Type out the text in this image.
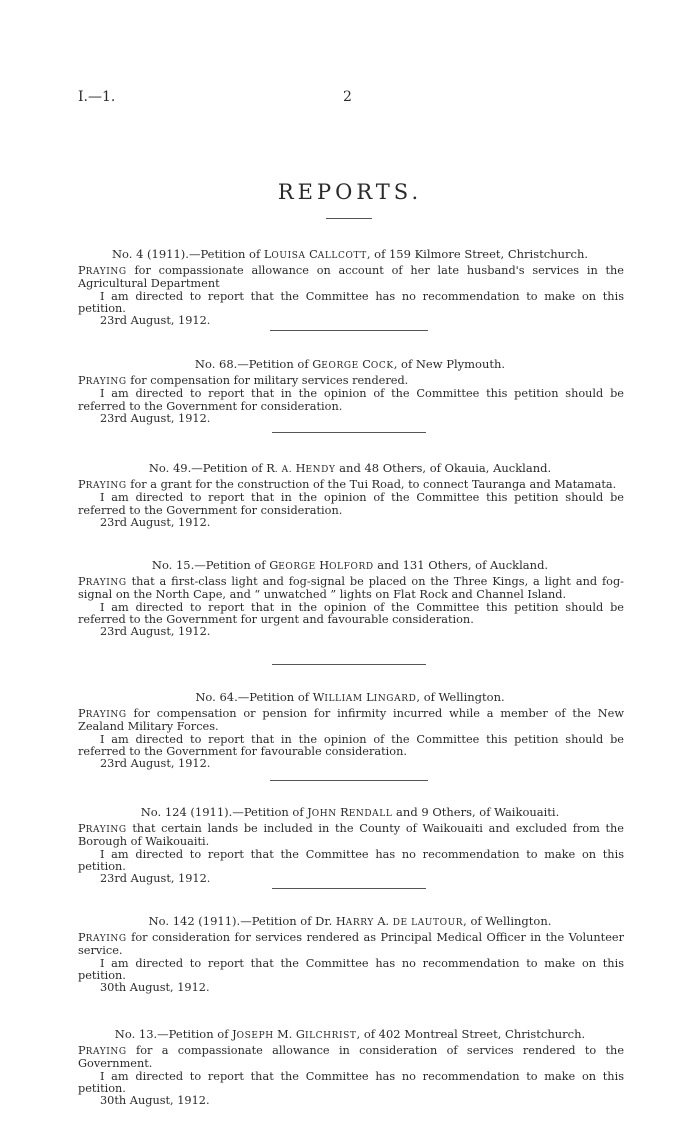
I.—1.	2
REPORTS.
No. 4 (1911).—Petition of LOUISA CALLCOTT, of 159 Kilmore Street, Christchurch.

PRAYING for compassionate allowance on account of her late husband's services in the Agricultural Department

I am directed to report that the Committee has no recommendation to make on this petition.

23rd August, 1912.

No. 68.—Petition of GEORGE COCK, of New Plymouth.

PRAYING for compensation for military services rendered.

I am directed to report that in the opinion of the Committee this petition should be referred to the Government for consideration.

23rd August, 1912.

No. 49.—Petition of R. A. HENDY and 48 Others, of Okauia, Auckland.

PRAYING for a grant for the construction of the Tui Road, to connect Tauranga and Matamata.

I am directed to report that in the opinion of the Committee this petition should be referred to the Government for consideration.

23rd August, 1912.

No. 15.—Petition of GEORGE HOLFORD and 131 Others, of Auckland.

PRAYING that a first-class light and fog-signal be placed on the Three Kings, a light and fog-signal on the North Cape, and “ unwatched ” lights on Flat Rock and Channel Island.

I am directed to report that in the opinion of the Committee this petition should be referred to the Government for urgent and favourable consideration.

23rd August, 1912.

No. 64.—Petition of WILLIAM LINGARD, of Wellington.

PRAYING for compensation or pension for infirmity incurred while a member of the New Zealand Military Forces.

I am directed to report that in the opinion of the Committee this petition should be referred to the Government for favourable consideration.

23rd August, 1912.

No. 124 (1911).—Petition of JOHN RENDALL and 9 Others, of Waikouaiti.

PRAYING that certain lands be included in the County of Waikouaiti and excluded from the Borough of Waikouaiti.

I am directed to report that the Committee has no recommendation to make on this petition.

23rd August, 1912.

No. 142 (1911).—Petition of Dr. HARRY A. DE LAUTOUR, of Wellington.

PRAYING for consideration for services rendered as Principal Medical Officer in the Volunteer service.

I am directed to report that the Committee has no recommendation to make on this petition.

30th August, 1912.

No. 13.—Petition of JOSEPH M. GILCHRIST, of 402 Montreal Street, Christchurch.

PRAYING for a compassionate allowance in consideration of services rendered to the Government.

I am directed to report that the Committee has no recommendation to make on this petition.

30th August, 1912.
